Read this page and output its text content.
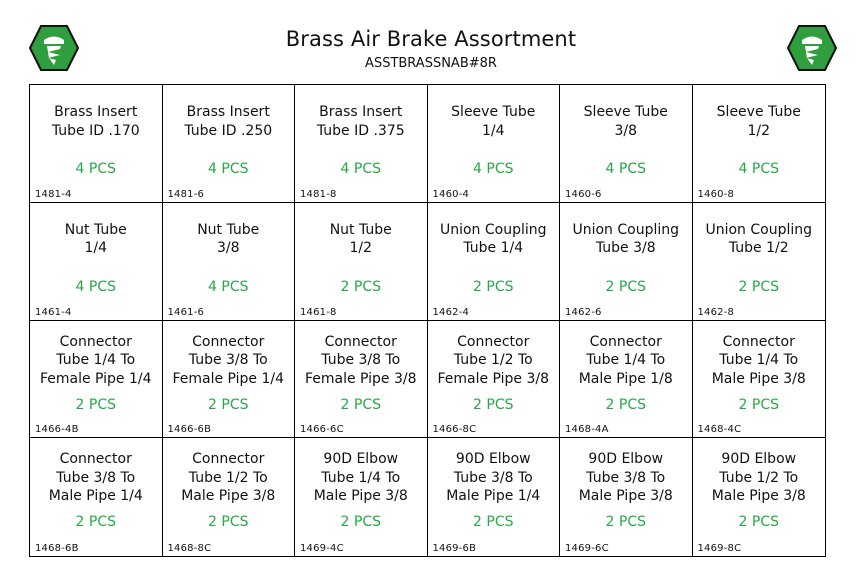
Brass Air Brake Assortment
ASSTBRASSNAB#8R
Brass Insert
Tube ID .170
4 PCS
1481-4
Brass Insert
Tube ID .250
4 PCS
1481-6
Brass Insert
Tube ID .375
4 PCS
1481-8
Sleeve Tube
1/4
4 PCS
1460-4
Sleeve Tube
3/8
4 PCS
1460-6
Sleeve Tube
1/2
4 PCS
1460-8
Nut Tube
1/4
4 PCS
1461-4
Nut Tube
3/8
4 PCS
1461-6
Nut Tube
1/2
2 PCS
1461-8
Union Coupling
Tube 1/4
2 PCS
1462-4
Union Coupling
Tube 3/8
2 PCS
1462-6
Union Coupling
Tube 1/2
2 PCS
1462-8
Connector
Tube 1/4 To
Female Pipe 1/4
2 PCS
1466-4B
Connector
Tube 3/8 To
Female Pipe 1/4
2 PCS
1466-6B
Connector
Tube 3/8 To
Female Pipe 3/8
2 PCS
1466-6C
Connector
Tube 1/2 To
Female Pipe 3/8
2 PCS
1466-8C
Connector
Tube 1/4 To
Male Pipe 1/8
2 PCS
1468-4A
Connector
Tube 1/4 To
Male Pipe 3/8
2 PCS
1468-4C
Connector
Tube 3/8 To
Male Pipe 1/4
2 PCS
1468-6B
Connector
Tube 1/2 To
Male Pipe 3/8
2 PCS
1468-8C
90D Elbow
Tube 1/4 To
Male Pipe 3/8
2 PCS
1469-4C
90D Elbow
Tube 3/8 To
Male Pipe 1/4
2 PCS
1469-6B
90D Elbow
Tube 3/8 To
Male Pipe 3/8
2 PCS
1469-6C
90D Elbow
Tube 1/2 To
Male Pipe 3/8
2 PCS
1469-8C
